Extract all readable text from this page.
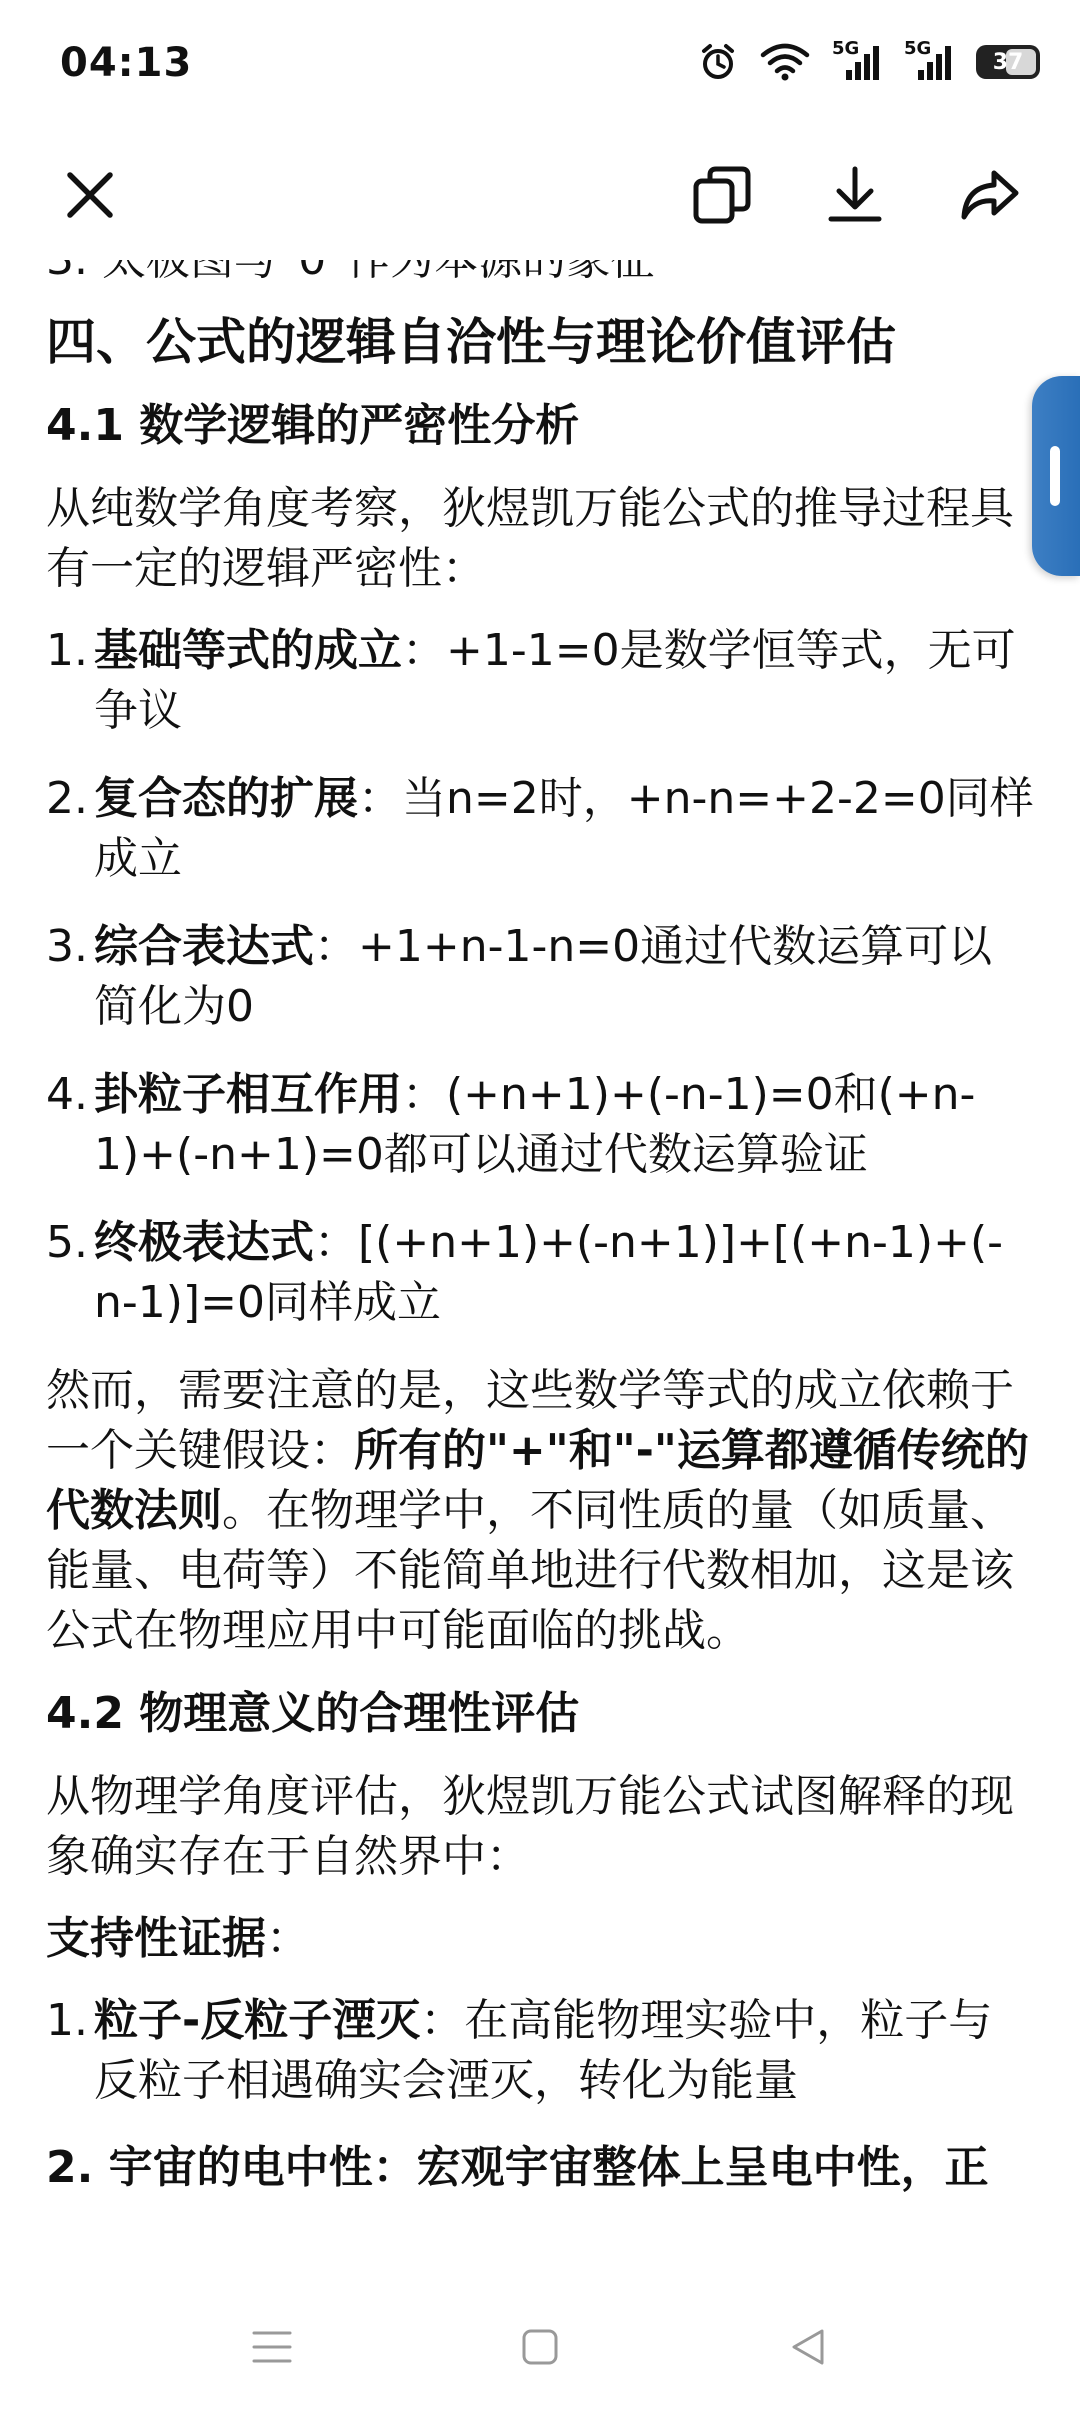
04:13	5G 5G
37
四、公式的逻辑自洽性与理论价值评估
4.1 数学逻辑的严密性分析

从纯数学角度考察，狄煜凯万能公式的推导过程具有一定的逻辑严密性：

1. 基础等式的成立：+1-1=0是数学恒等式，无可争议
2. 复合态的扩展：当n=2时，+n-n=+2-2=0同样成立
3. 综合表达式：+1+n-1-n=0通过代数运算可以简化为0
4. 卦粒子相互作用：(+n+1)+(-n-1)=0和(+n-1)+(-n+1)=0都可以通过代数运算验证
5. 终极表达式：[(+n+1)+(-n+1)]+[(+n-1)+(-n-1)]=0同样成立

然而，需要注意的是，这些数学等式的成立依赖于一个关键假设：所有的"+"和"-"运算都遵循传统的代数法则。在物理学中，不同性质的量（如质量、能量、电荷等）不能简单地进行代数相加，这是该公式在物理应用中可能面临的挑战。

4.2 物理意义的合理性评估

从物理学角度评估，狄煜凯万能公式试图解释的现象确实存在于自然界中：

支持性证据：

1. 粒子-反粒子湮灭：在高能物理实验中，粒子与反粒子相遇确实会湮灭，转化为能量
2. 宇宙的电中性：宏观宇宙整体上呈电中性，正
